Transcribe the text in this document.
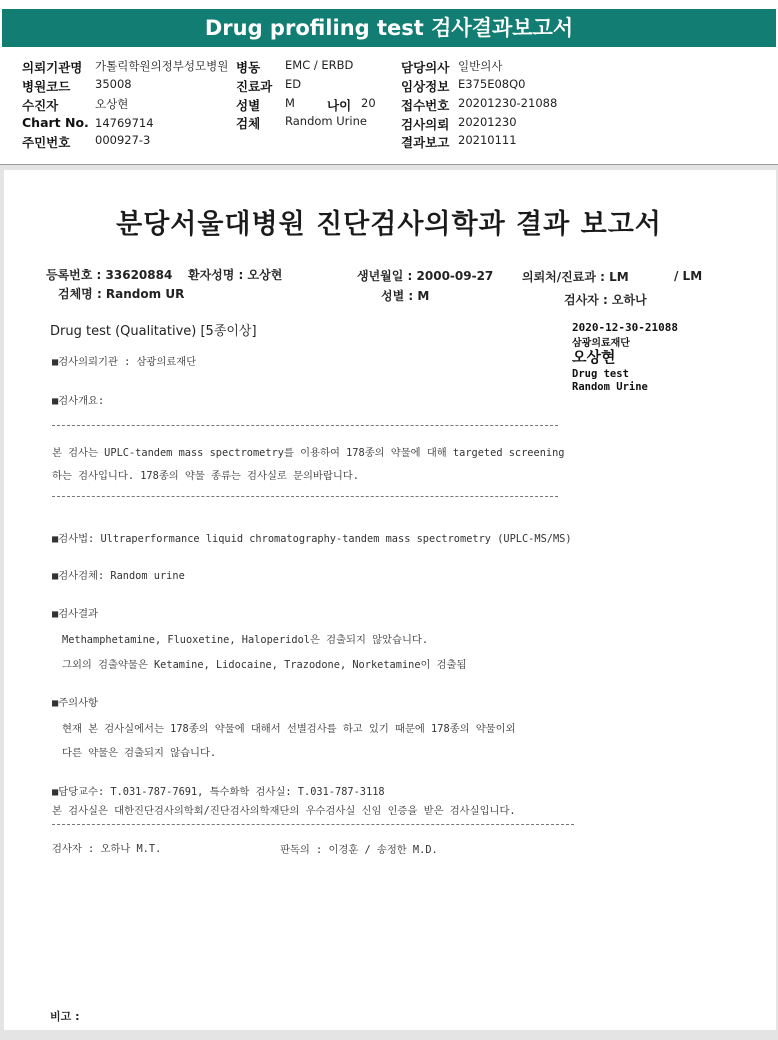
Drug profiling test 검사결과보고서
의뢰기관명 가톨릭학원의정부성모병원 병동 EMC / ERBD	담당의사 일반의사
병원코드 35008	진료과 ED	임상정보 E375E08Q0
수진자	오상현	성별 M	나이 20 접수번호 20201230-21088
Chart No. 14769714	검체 Random Urine	검사의뢰 20201230
주민번호 000927-3	결과보고 20210111
분당서울대병원 진단검사의학과 결과 보고서
등록번호 : 33620884 환자성명 : 오상현	생년월일 : 2000-09-27 의뢰처/진료과 : LM	/ LM
검체명 : Random UR	성별 : M	검사자 : 오하나
Drug test (Qualitative) [5종이상]	2020-12-30-21088
삼광의료재단
오상현
Drug test
Random Urine
■검사의뢰기관 : 삼광의료재단
■검사개요:
본 검사는 UPLC-tandem mass spectrometry를 이용하여 178종의 약물에 대해 targeted screening
하는 검사입니다. 178종의 약물 종류는 검사실로 문의바랍니다.
■검사법: Ultraperformance liquid chromatography-tandem mass spectrometry (UPLC-MS/MS)
■검사검체: Random urine
■검사결과
Methamphetamine, Fluoxetine, Haloperidol은 검출되지 않았습니다.
그외의 검출약물은 Ketamine, Lidocaine, Trazodone, Norketamine이 검출됨
■주의사항
현재 본 검사실에서는 178종의 약물에 대해서 선별검사를 하고 있기 때문에 178종의 약물이외
다른 약물은 검출되지 않습니다.
■담당교수: T.031-787-7691, 특수화학 검사실: T.031-787-3118
본 검사실은 대한진단검사의학회/진단검사의학재단의 우수검사실 신임 인증을 받은 검사실입니다.
검사자 : 오하나 M.T.	판독의 : 이경훈 / 송정한 M.D.
비고 :
